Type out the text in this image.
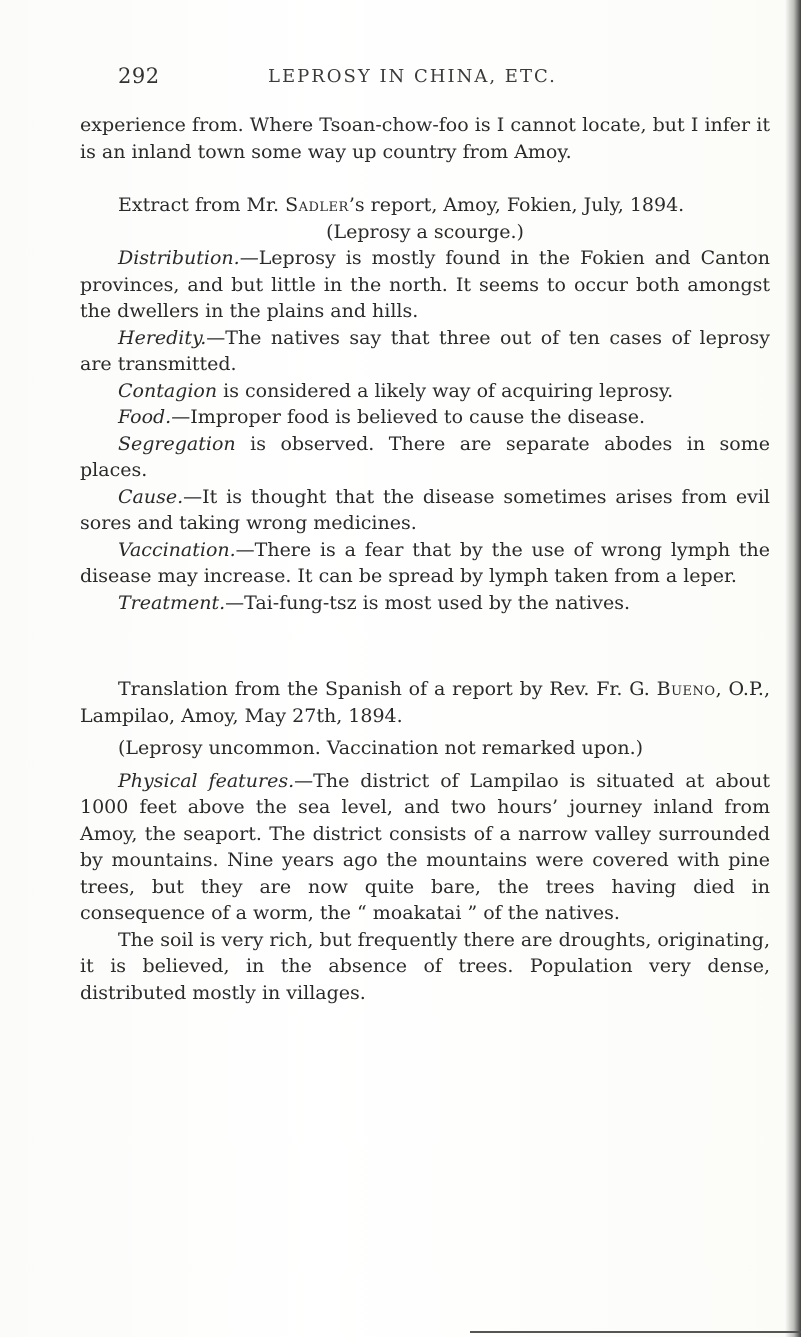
292	LEPROSY IN CHINA, ETC.

experience from. Where Tsoan-chow-foo is I cannot locate, but I infer it is an inland town some way up country from Amoy.

Extract from Mr. Sadler’s report, Amoy, Fokien, July, 1894.

(Leprosy a scourge.)

Distribution.—Leprosy is mostly found in the Fokien and Canton provinces, and but little in the north. It seems to occur both amongst the dwellers in the plains and hills.

Heredity.—The natives say that three out of ten cases of leprosy are transmitted.

Contagion is considered a likely way of acquiring leprosy.

Food.—Improper food is believed to cause the disease.

Segregation is observed. There are separate abodes in some places.

Cause.—It is thought that the disease sometimes arises from evil sores and taking wrong medicines.

Vaccination.—There is a fear that by the use of wrong lymph the disease may increase. It can be spread by lymph taken from a leper.

Treatment.—Tai-fung-tsz is most used by the natives.

Translation from the Spanish of a report by Rev. Fr. G. Bueno, O.P., Lampilao, Amoy, May 27th, 1894.

(Leprosy uncommon. Vaccination not remarked upon.)

Physical features.—The district of Lampilao is situated at about 1000 feet above the sea level, and two hours’ journey inland from Amoy, the seaport. The district consists of a narrow valley surrounded by mountains. Nine years ago the mountains were covered with pine trees, but they are now quite bare, the trees having died in consequence of a worm, the “ moakatai ” of the natives.

The soil is very rich, but frequently there are droughts, originating, it is believed, in the absence of trees. Population very dense, distributed mostly in villages.
